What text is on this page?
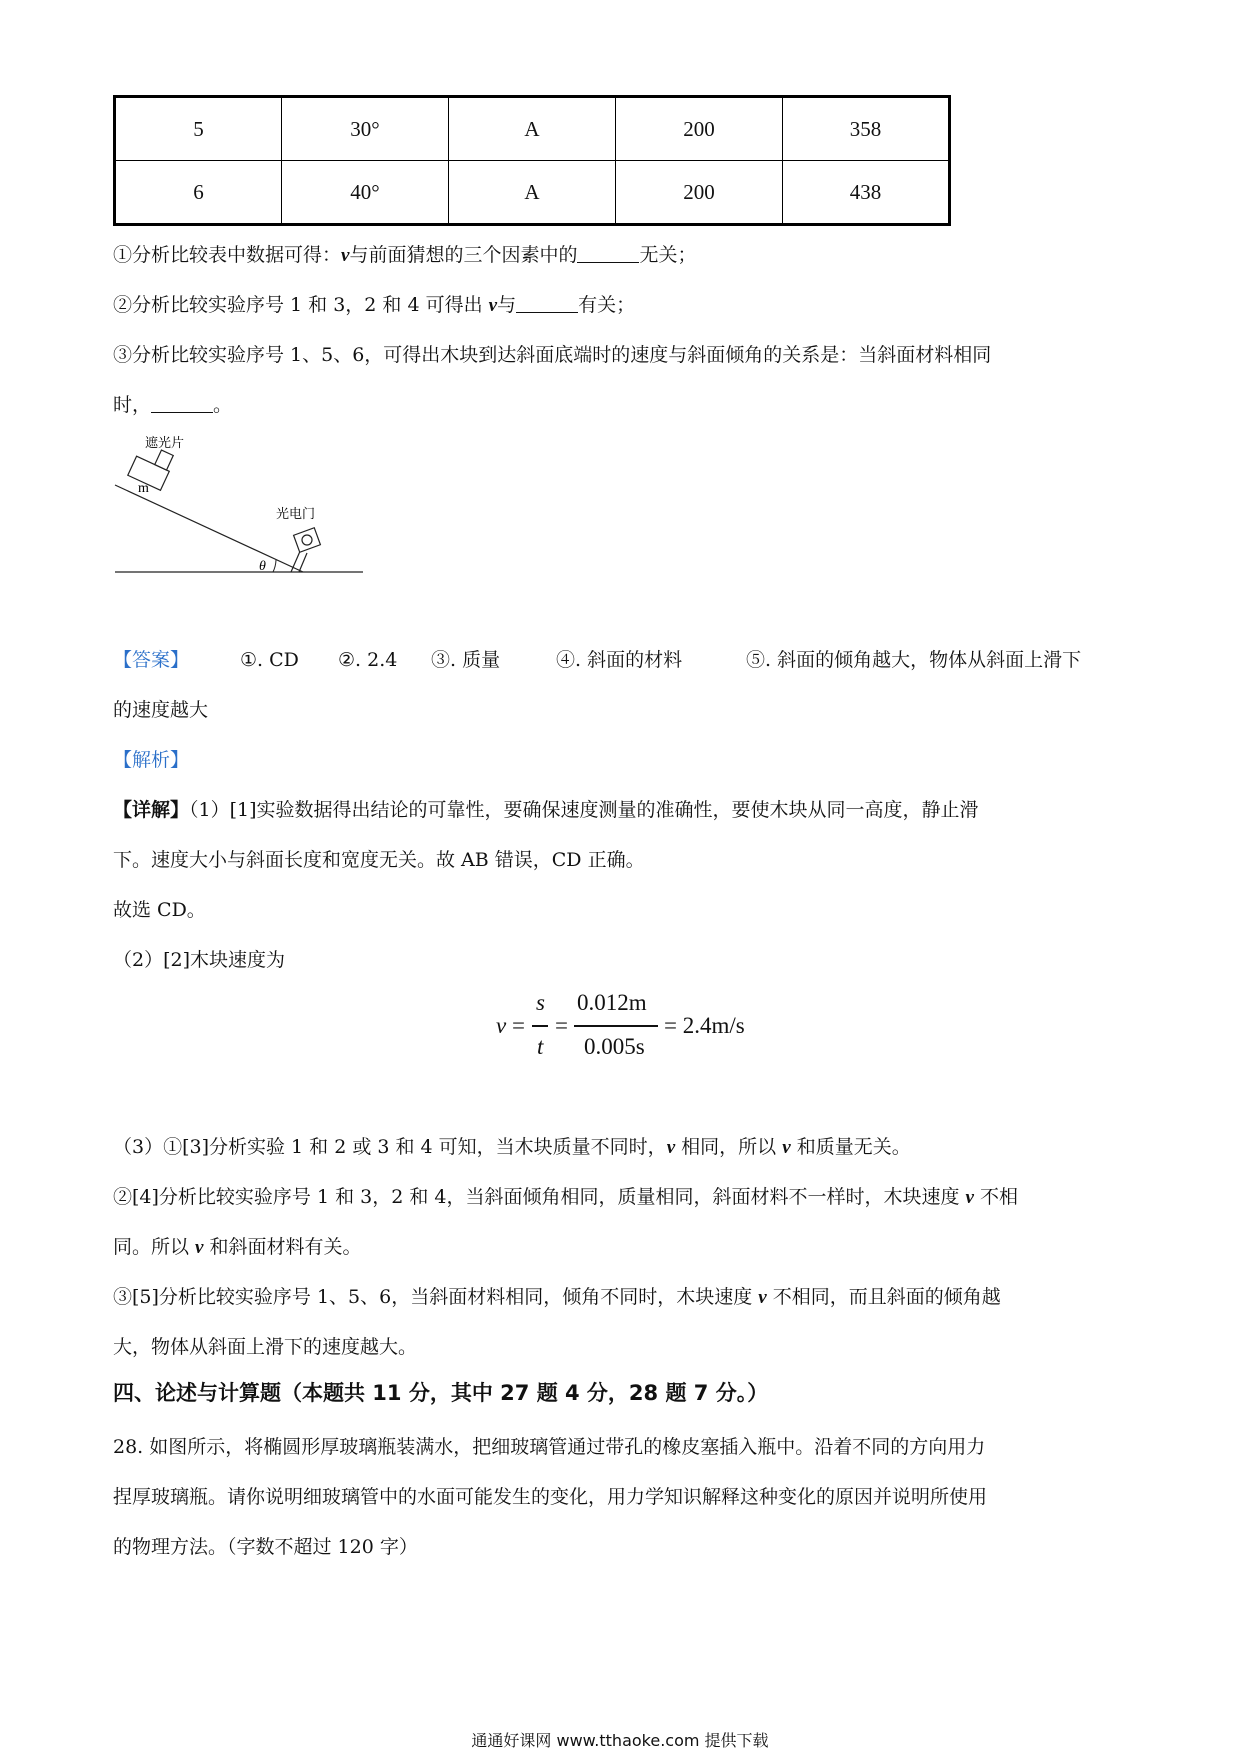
5	30°	A	200	358
6	40°	A	200	438
①分析比较表中数据可得：v与前面猜想的三个因素中的	无关；
②分析比较实验序号 1 和 3，2 和 4 可得出 v与	有关；
③分析比较实验序号 1、5、6，可得出木块到达斜面底端时的速度与斜面倾角的关系是：当斜面材料相同
时，	。
m
遮光片
光电门
θ
【答案】	①. CD ②. 2.4 ③. 质量	④. 斜面的材料	⑤. 斜面的倾角越大，物体从斜面上滑下
的速度越大
【解析】
【详解】（1）[1]实验数据得出结论的可靠性，要确保速度测量的准确性，要使木块从同一高度，静止滑
下。速度大小与斜面长度和宽度无关。故 AB 错误，CD 正确。
故选 CD。
（2）[2]木块速度为
v =
s
t
=
0.012m
0.005s
= 2.4m/s
（3）①[3]分析实验 1 和 2 或 3 和 4 可知，当木块质量不同时，v 相同，所以 v 和质量无关。
②[4]分析比较实验序号 1 和 3，2 和 4，当斜面倾角相同，质量相同，斜面材料不一样时，木块速度 v 不相
同。所以 v 和斜面材料有关。
③[5]分析比较实验序号 1、5、6，当斜面材料相同，倾角不同时，木块速度 v 不相同，而且斜面的倾角越
大，物体从斜面上滑下的速度越大。
四、论述与计算题（本题共 11 分，其中 27 题 4 分，28 题 7 分。）
28. 如图所示，将椭圆形厚玻璃瓶装满水，把细玻璃管通过带孔的橡皮塞插入瓶中。沿着不同的方向用力
捏厚玻璃瓶。请你说明细玻璃管中的水面可能发生的变化，用力学知识解释这种变化的原因并说明所使用
的物理方法。（字数不超过 120 字）
通通好课网 www.tthaoke.com 提供下载
